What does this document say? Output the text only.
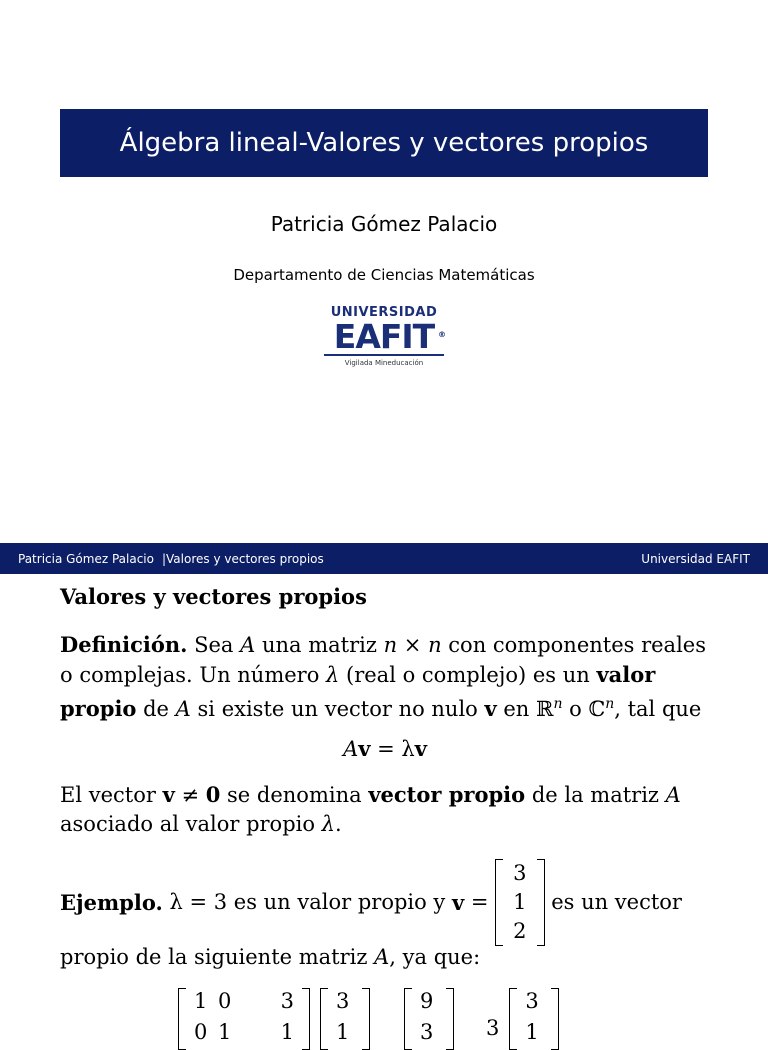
Álgebra lineal-Valores y vectores propios
Patricia Gómez Palacio
Departamento de Ciencias Matemáticas
UNIVERSIDAD
EAFIT ®
Vigilada Mineducación
Patricia Gómez Palacio |Valores y vectores propios	Universidad EAFIT
Valores y vectores propios
Definición. Sea A una matriz n × n con componentes reales o complejas. Un número λ (real o complejo) es un valor propio de A si existe un vector no nulo v en ℝ$^n$ o ℂ$^n$, tal que
Av = λv
El vector v ≠ 0 se denomina vector propio de la matriz A
asociado al valor propio λ.
Ejemplo. λ = 3 es un valor propio y v =
3
1
2
es un vector
propio de la siguiente matriz A, ya que:
1 0	3
0 1	1
3
1
9
3	3
3
1
